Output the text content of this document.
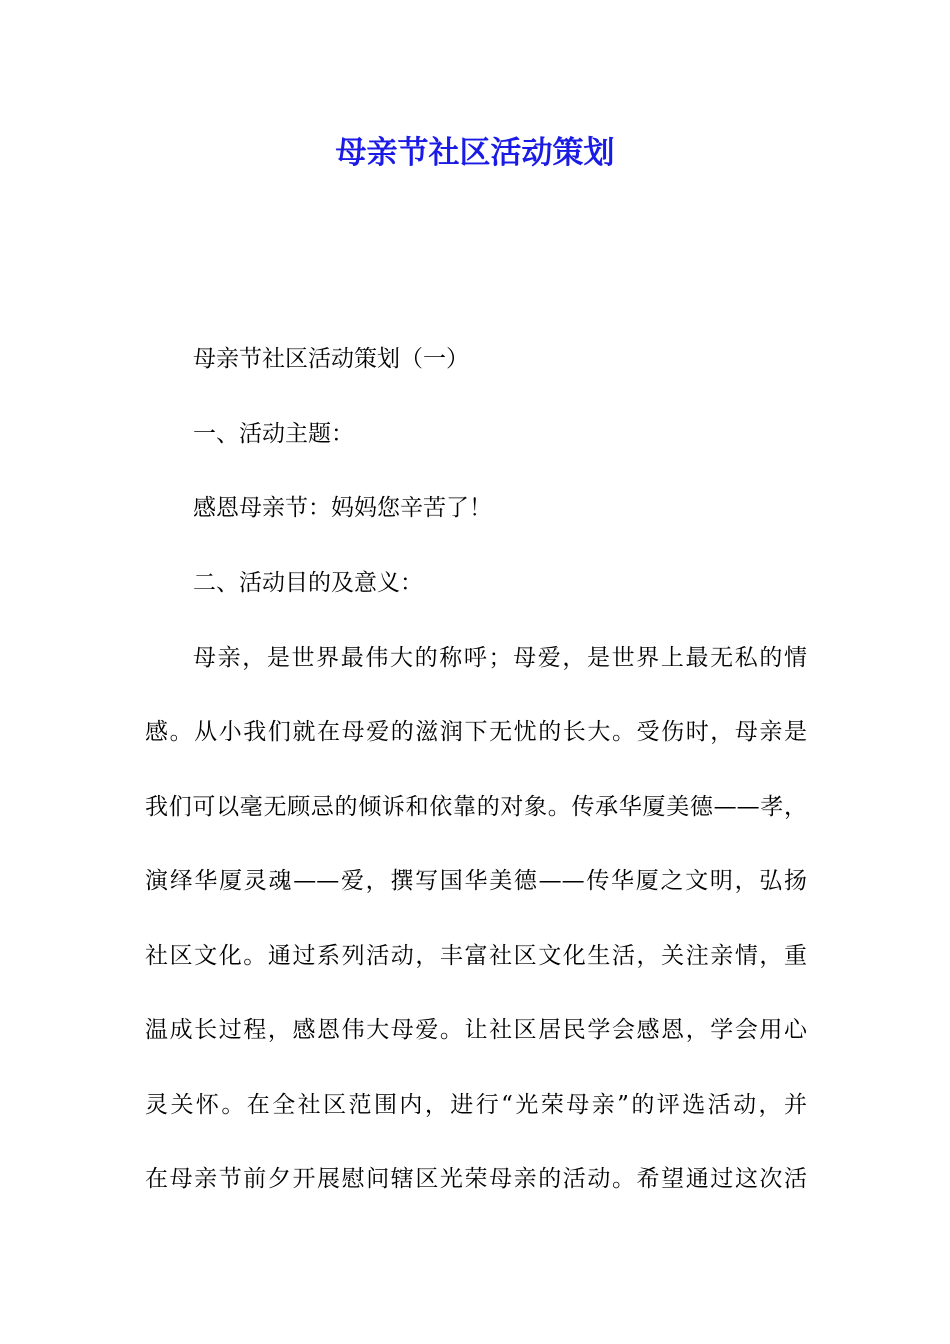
母亲节社区活动策划

母亲节社区活动策划（一）

一、活动主题：

感恩母亲节：妈妈您辛苦了！

二、活动目的及意义：

母亲，是世界最伟大的称呼；母爱，是世界上最无私的情

感。从小我们就在母爱的滋润下无忧的长大。受伤时，母亲是

我们可以毫无顾忌的倾诉和依靠的对象。传承华厦美德——孝，

演绎华厦灵魂——爱，撰写国华美德——传华厦之文明，弘扬

社区文化。通过系列活动，丰富社区文化生活，关注亲情，重

温成长过程，感恩伟大母爱。让社区居民学会感恩，学会用心

灵关怀。在全社区范围内，进行“光荣母亲”的评选活动，并

在母亲节前夕开展慰问辖区光荣母亲的活动。希望通过这次活
